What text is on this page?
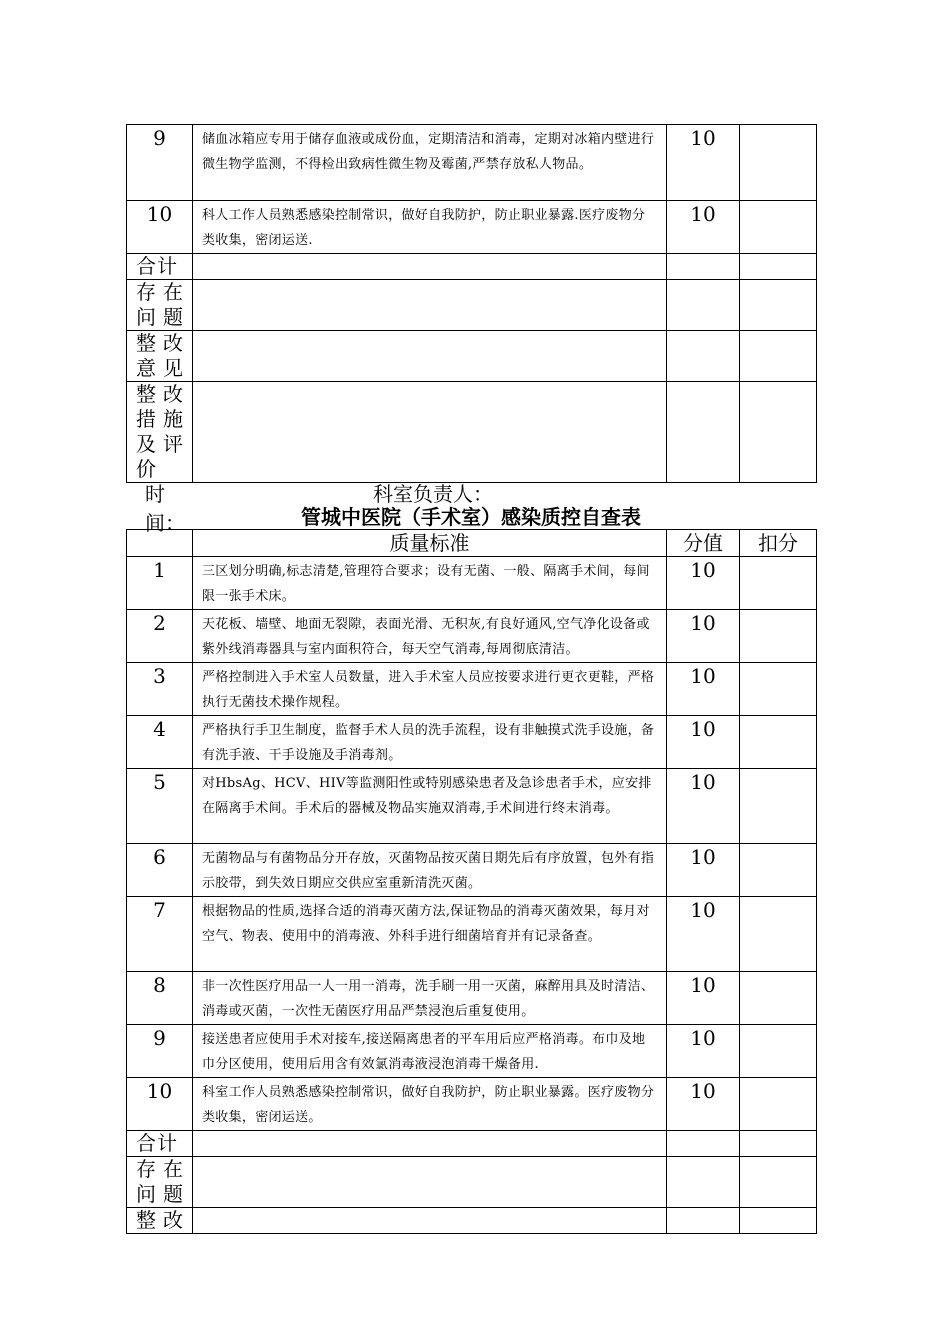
9	储血冰箱应专用于储存血液或成份血，定期清洁和消毒，定期对冰箱内壁进行微生物学监测，不得检出致病性微生物及霉菌,严禁存放私人物品。	10	
10	科人工作人员熟悉感染控制常识，做好自我防护，防止职业暴露.医疗废物分类收集，密闭运送.	10	
合计			
存在问题			
整改意见			
整改措施及评价			
时间：
科室负责人：
管城中医院（手术室）感染质控自查表
	质量标准	分值	扣分
1	三区划分明确,标志清楚,管理符合要求；设有无菌、一般、隔离手术间，每间限一张手术床。	10	
2	天花板、墙壁、地面无裂隙，表面光滑、无积灰,有良好通风,空气净化设备或紫外线消毒器具与室内面积符合，每天空气消毒,每周彻底清洁。	10	
3	严格控制进入手术室人员数量，进入手术室人员应按要求进行更衣更鞋，严格执行无菌技术操作规程。	10	
4	严格执行手卫生制度，监督手术人员的洗手流程，设有非触摸式洗手设施，备有洗手液、干手设施及手消毒剂。	10	
5	对HbsAg、HCV、HIV等监测阳性或特别感染患者及急诊患者手术，应安排在隔离手术间。手术后的器械及物品实施双消毒,手术间进行终末消毒。	10	
6	无菌物品与有菌物品分开存放，灭菌物品按灭菌日期先后有序放置，包外有指示胶带，到失效日期应交供应室重新清洗灭菌。	10	
7	根据物品的性质,选择合适的消毒灭菌方法,保证物品的消毒灭菌效果，每月对空气、物表、使用中的消毒液、外科手进行细菌培育并有记录备查。	10	
8	非一次性医疗用品一人一用一消毒，洗手刷一用一灭菌，麻醉用具及时清洁、消毒或灭菌，一次性无菌医疗用品严禁浸泡后重复使用。	10	
9	接送患者应使用手术对接车,接送隔离患者的平车用后应严格消毒。布巾及地巾分区使用，使用后用含有效氯消毒液浸泡消毒干燥备用.	10	
10	科室工作人员熟悉感染控制常识，做好自我防护，防止职业暴露。医疗废物分类收集，密闭运送。	10	
合计			
存在问题			
整改			
